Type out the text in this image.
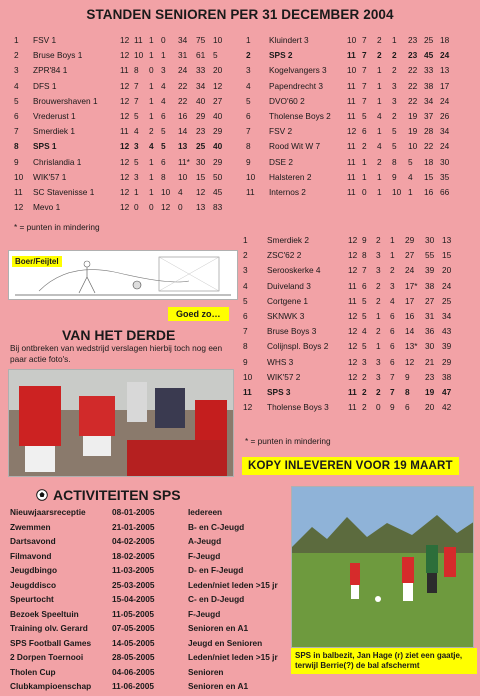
STANDEN SENIOREN PER 31 DECEMBER 2004
1	FSV 1	12	11	1	0	34	75	10
2	Bruse Boys 1	12	10	1	1	31	61	5
3	ZPR'84 1	11	8	0	3	24	33	20
4	DFS 1	12	7	1	4	22	34	12
5	Brouwershaven 1	12	7	1	4	22	40	27
6	Vrederust 1	12	5	1	6	16	29	40
7	Smerdiek 1	11	4	2	5	14	23	29
8	SPS 1	12	3	4	5	13	25	40
9	Chrislandia 1	12	5	1	6	11*	30	29
10	WIK'57 1	12	3	1	8	10	15	50
11	SC Stavenisse 1	12	1	1	10	4	12	45
12	Mevo 1	12	0	0	12	0	13	83
* = punten in mindering
1	Kluindert 3	10	7	2	1	23	25	18
2	SPS 2	11	7	2	2	23	45	24
3	Kogelvangers 3	10	7	1	2	22	33	13
4	Papendrecht 3	11	7	1	3	22	38	17
5	DVO'60 2	11	7	1	3	22	34	24
6	Tholense Boys 2	11	5	4	2	19	37	26
7	FSV 2	12	6	1	5	19	28	34
8	Rood Wit W 7	11	2	4	5	10	22	24
9	DSE 2	11	1	2	8	5	18	30
10	Halsteren 2	11	1	1	9	4	15	35
11	Internos 2	11	0	1	10	1	16	66
1	Smerdiek 2	12	9	2	1	29	30	13
2	ZSC'62 2	12	8	3	1	27	55	15
3	Serooskerke 4	12	7	3	2	24	39	20
4	Duiveland 3	11	6	2	3	17*	38	24
5	Cortgene 1	11	5	2	4	17	27	25
6	SKNWK 3	12	5	1	6	16	31	34
7	Bruse Boys 3	12	4	2	6	14	36	43
8	Colijnspl. Boys 2	12	5	1	6	13*	30	39
9	WHS 3	12	3	3	6	12	21	29
10	WIK'57 2	12	2	3	7	9	23	38
11	SPS 3	11	2	2	7	8	19	47
12	Tholense Boys 3	11	2	0	9	6	20	42
* = punten in mindering
Boer/Feijtel
Goed zo…
VAN HET DERDE
Bij ontbreken van wedstrijd verslagen hierbij toch nog een paar actie foto's.
KOPY INLEVEREN VOOR 19 MAART
ACTIVITEITEN SPS
Nieuwjaarsreceptie	08-01-2005	Iedereen
Zwemmen	21-01-2005	B- en C-Jeugd
Dartsavond	04-02-2005	A-Jeugd
Filmavond	18-02-2005	F-Jeugd
Jeugdbingo	11-03-2005	D- en F-Jeugd
Jeugddisco	25-03-2005	Leden/niet leden >15 jr
Speurtocht	15-04-2005	C- en D-Jeugd
Bezoek Speeltuin	11-05-2005	F-Jeugd
Training olv. Gerard	07-05-2005	Senioren en A1
SPS Football Games	14-05-2005	Jeugd en Senioren
2 Dorpen Toernooi	28-05-2005	Leden/niet leden >15 jr
Tholen Cup	04-06-2005	Senioren
Clubkampioenschap	11-06-2005	Senioren en A1
SPS in balbezit, Jan Hage (r) ziet een gaatje, terwijl Berrie(?) de bal afschermt
